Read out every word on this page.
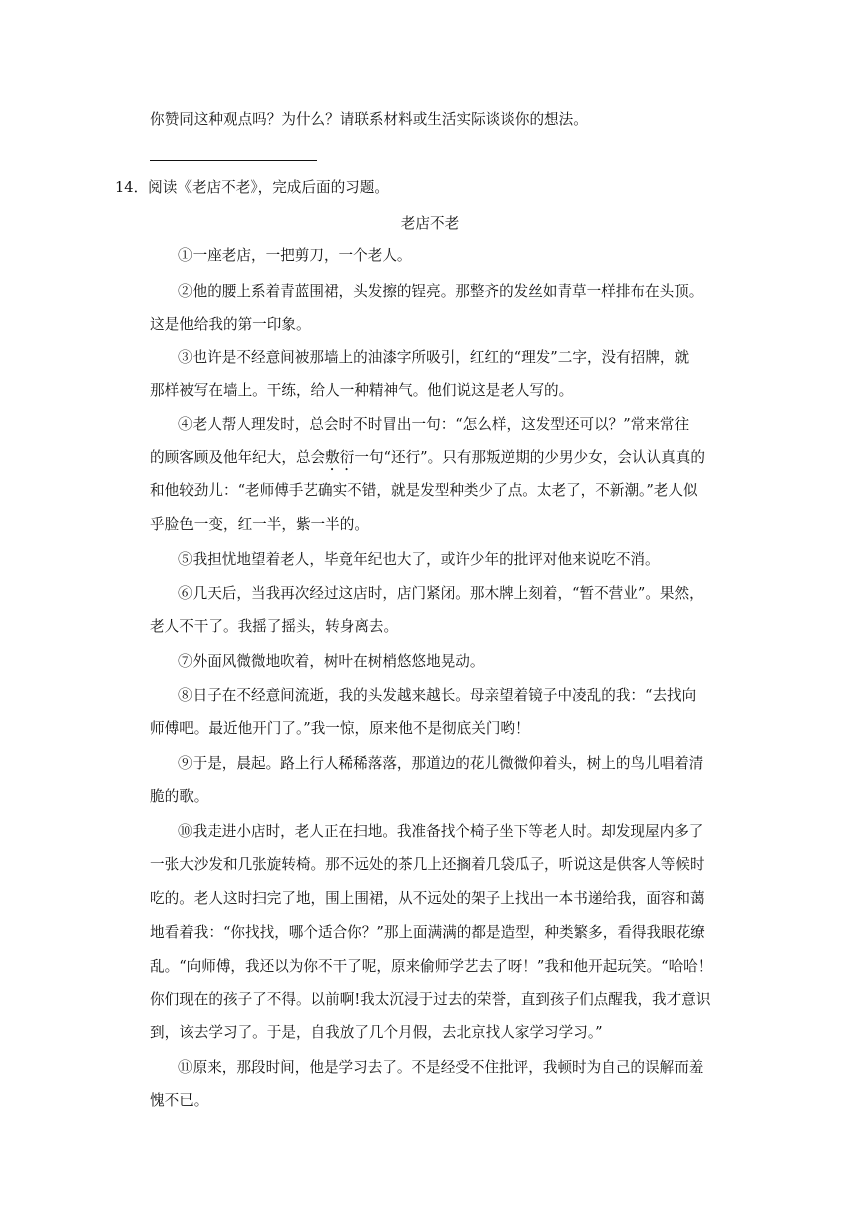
你赞同这种观点吗？为什么？请联系材料或生活实际谈谈你的想法。
14．阅读《老店不老》，完成后面的习题。
老店不老
①一座老店，一把剪刀，一个老人。
②他的腰上系着青蓝围裙，头发擦的锃亮。那整齐的发丝如青草一样排布在头顶。
这是他给我的第一印象。
③也许是不经意间被那墙上的油漆字所吸引，红红的“理发”二字，没有招牌，就
那样被写在墙上。干练，给人一种精神气。他们说这是老人写的。
④老人帮人理发时，总会时不时冒出一句：“怎么样，这发型还可以？”常来常往
的顾客顾及他年纪大，总会敷衍一句“还行”。只有那叛逆期的少男少女，会认认真真的
和他较劲儿：“老师傅手艺确实不错，就是发型种类少了点。太老了，不新潮。”老人似
乎脸色一变，红一半，紫一半的。
⑤我担忧地望着老人，毕竟年纪也大了，或许少年的批评对他来说吃不消。
⑥几天后，当我再次经过这店时，店门紧闭。那木牌上刻着，“暂不营业”。果然，
老人不干了。我摇了摇头，转身离去。
⑦外面风微微地吹着，树叶在树梢悠悠地晃动。
⑧日子在不经意间流逝，我的头发越来越长。母亲望着镜子中凌乱的我：“去找向
师傅吧。最近他开门了。”我一惊，原来他不是彻底关门哟！
⑨于是，晨起。路上行人稀稀落落，那道边的花儿微微仰着头，树上的鸟儿唱着清
脆的歌。
⑩我走进小店时，老人正在扫地。我准备找个椅子坐下等老人时。却发现屋内多了
一张大沙发和几张旋转椅。那不远处的茶几上还搁着几袋瓜子，听说这是供客人等候时
吃的。老人这时扫完了地，围上围裙，从不远处的架子上找出一本书递给我，面容和蔼
地看着我：“你找找，哪个适合你？”那上面满满的都是造型，种类繁多，看得我眼花缭
乱。“向师傅，我还以为你不干了呢，原来偷师学艺去了呀！”我和他开起玩笑。“哈哈！
你们现在的孩子了不得。以前啊!我太沉浸于过去的荣誉，直到孩子们点醒我，我才意识
到，该去学习了。于是，自我放了几个月假，去北京找人家学习学习。”
⑪原来，那段时间，他是学习去了。不是经受不住批评，我顿时为自己的误解而羞
愧不已。
